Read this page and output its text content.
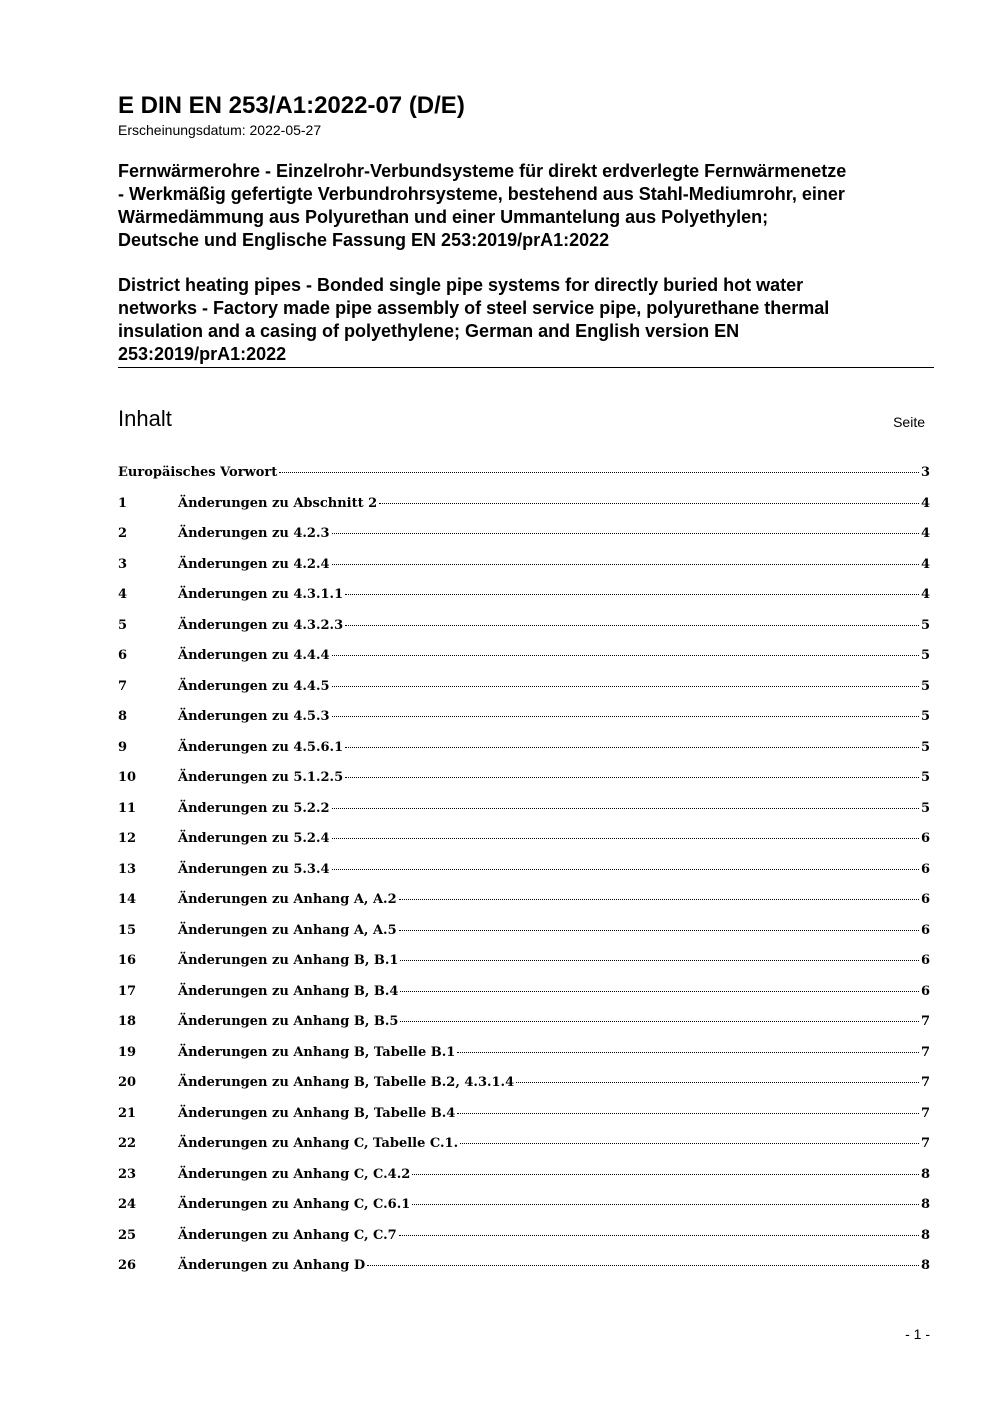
E DIN EN 253/A1:2022-07 (D/E)
Erscheinungsdatum: 2022-05-27
Fernwärmerohre - Einzelrohr-Verbundsysteme für direkt erdverlegte Fernwärmenetze
- Werkmäßig gefertigte Verbundrohrsysteme, bestehend aus Stahl-Mediumrohr, einer
Wärmedämmung aus Polyurethan und einer Ummantelung aus Polyethylen;
Deutsche und Englische Fassung EN 253:2019/prA1:2022
District heating pipes - Bonded single pipe systems for directly buried hot water
networks - Factory made pipe assembly of steel service pipe, polyurethane thermal
insulation and a casing of polyethylene; German and English version EN
253:2019/prA1:2022
Inhalt	Seite
Europäisches Vorwort	3
1	Änderungen zu Abschnitt 2	4
2	Änderungen zu 4.2.3	4
3	Änderungen zu 4.2.4	4
4	Änderungen zu 4.3.1.1	4
5	Änderungen zu 4.3.2.3	5
6	Änderungen zu 4.4.4	5
7	Änderungen zu 4.4.5	5
8	Änderungen zu 4.5.3	5
9	Änderungen zu 4.5.6.1	5
10	Änderungen zu 5.1.2.5	5
11	Änderungen zu 5.2.2	5
12	Änderungen zu 5.2.4	6
13	Änderungen zu 5.3.4	6
14	Änderungen zu Anhang A, A.2	6
15	Änderungen zu Anhang A, A.5	6
16	Änderungen zu Anhang B, B.1	6
17	Änderungen zu Anhang B, B.4	6
18	Änderungen zu Anhang B, B.5	7
19	Änderungen zu Anhang B, Tabelle B.1	7
20	Änderungen zu Anhang B, Tabelle B.2, 4.3.1.4	7
21	Änderungen zu Anhang B, Tabelle B.4	7
22	Änderungen zu Anhang C, Tabelle C.1.	7
23	Änderungen zu Anhang C, C.4.2	8
24	Änderungen zu Anhang C, C.6.1	8
25	Änderungen zu Anhang C, C.7	8
26	Änderungen zu Anhang D	8
- 1 -
